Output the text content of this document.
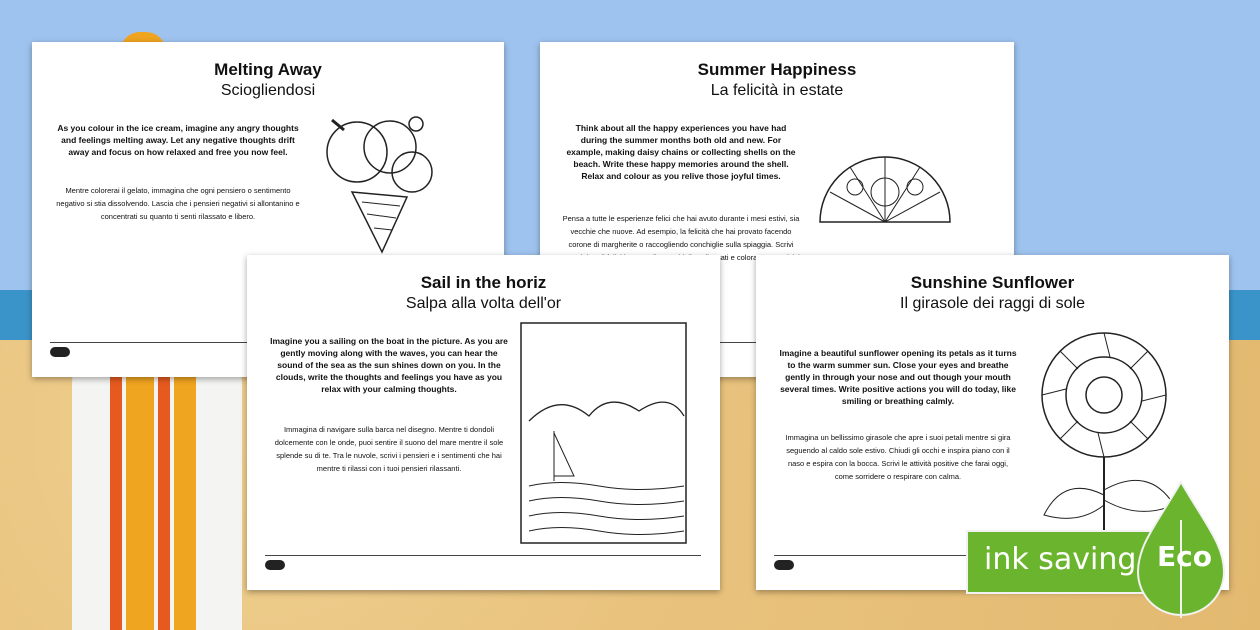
Melting Away
Sciogliendosi

As you colour in the ice cream, imagine any angry thoughts and feelings melting away. Let any negative thoughts drift away and focus on how relaxed and free you now feel.

Mentre colorerai il gelato, immagina che ogni pensiero o sentimento negativo si stia dissolvendo. Lascia che i pensieri negativi si allontanino e concentrati su quanto ti senti rilassato e libero.

Summer Happiness
La felicità in estate

Think about all the happy experiences you have had during the summer months both old and new. For example, making daisy chains or collecting shells on the beach. Write these happy memories around the shell. Relax and colour as you relive those joyful times.

Pensa a tutte le esperienze felici che hai avuto durante i mesi estivi, sia vecchie che nuove. Ad esempio, la felicità che hai provato facendo corone di margherite o raccogliendo conchiglie sulla spiaggia. Scrivi e colora

Sail in the horiz
Salpa alla volta dell'or

Imagine you a sailing on the boat in the picture. As you are gently moving along with the waves, you can hear the sound of the sea as the sun shines down on you. In the clouds, write the thoughts and feelings you have as you relax with your calming thoughts.

Immagina di navigare sulla barca nel disegno. Mentre ti dondoli dolcemente con le onde, puoi sentire il suono del mare mentre il sole splende su di te. Tra le nuvole, scrivi i pensieri e i sentimenti che hai mentre ti rilassi con i tuoi pensieri rilassanti.

Sunshine Sunflower
Il girasole dei raggi di sole

Imagine a beautiful sunflower opening its petals as it turns to the warm summer sun. Close your eyes and breathe gently in through your nose and out though your mouth several times. Write positive actions you will do today, like smiling or breathing calmly.

Immagina un bellissimo girasole che apre i suoi petali mentre si gira seguendo al caldo sole estivo. Chiudi gli occhi e inspira piano con il naso e espira con la bocca. Scrivi le attività positive che farai oggi, come sorridere o respirare con calma.

ink saving Eco
